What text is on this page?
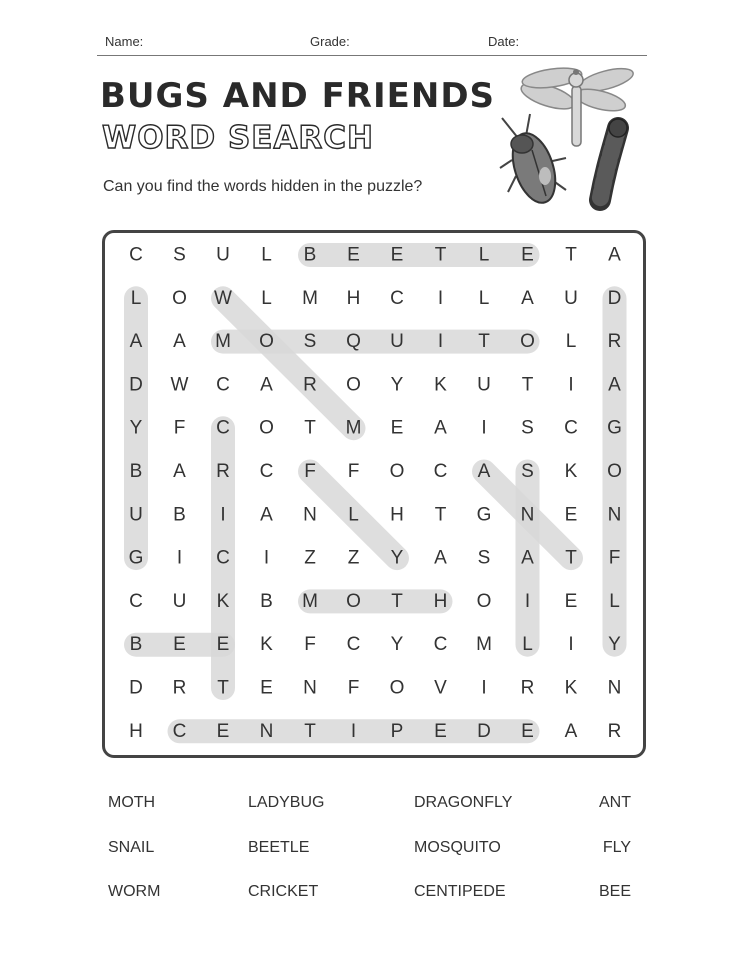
Name:	Grade:	Date:
BUGS AND FRIENDS
WORD SEARCH
Can you find the words hidden in the puzzle?
C S U L B E E T L E T A
L O W L M H C I L A U D
A A M O S Q U I T O L R
D W C A R O Y K U T I A
Y F C O T M E A I S C G
B A R C F F O C A S K O
U B I A N L H T G N E N
G I C I Z Z Y A S A T F
C U K B M O T H O I E L
B E E K F C Y C M L I Y
D R T E N F O V I R K N
H C E N T I P E D E A R
MOTH	LADYBUG	DRAGONFLY	ANT
SNAIL	BEETLE	MOSQUITO	FLY
WORM	CRICKET	CENTIPEDE	BEE
